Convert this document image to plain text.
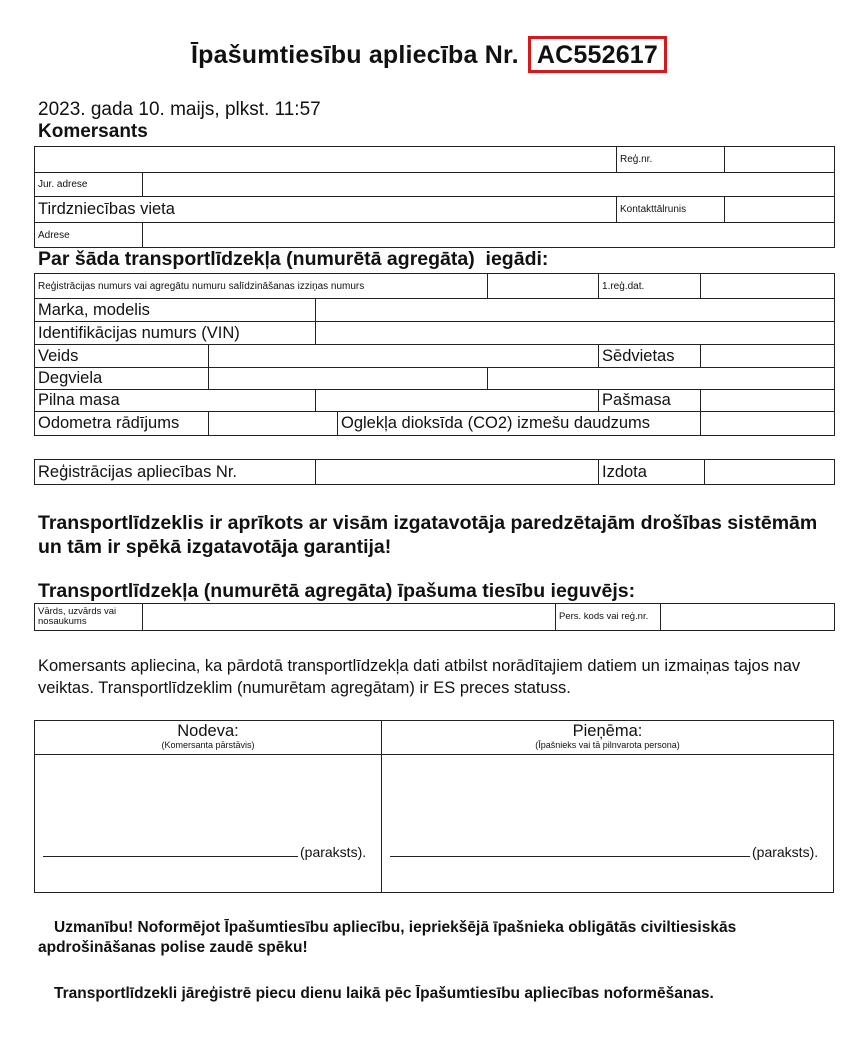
Īpašumtiesību apliecība Nr. AC552617
2023. gada 10. maijs, plkst. 11:57
Komersants
		Reģ.nr.	
Jur. adrese			
Tirdzniecības vieta		Kontakttālrunis	
Adrese			
Par šāda transportlīdzekļa (numurētā agregāta)  iegādi:
Reģistrācijas numurs vai agregātu numuru salīdzināšanas izziņas numurs					1.reģ.dat.	
Marka, modelis						
Identifikācijas numurs (VIN)						
Veids					Sēdvietas	
Degviela						
Pilna masa					Pašmasa	
Odometra rādījums			Oglekļa dioksīda (CO2) izmešu daudzums			
Reģistrācijas apliecības Nr.		Izdota	
Transportlīdzeklis ir aprīkots ar visām izgatavotāja paredzētajām drošības sistēmām un tām ir spēkā izgatavotāja garantija!
Transportlīdzekļa (numurētā agregāta) īpašuma tiesību ieguvējs:
Vārds, uzvārds vai nosaukums		Pers. kods vai reģ.nr.	
Komersants apliecina, ka pārdotā transportlīdzekļa dati atbilst norādītajiem datiem un izmaiņas tajos nav veiktas. Transportlīdzeklim (numurētam agregātam) ir ES preces statuss.
Nodeva:
(Komersanta pārstāvis)
(paraksts).
Pieņēma:
(Īpašnieks vai tā pilnvarota persona)
(paraksts).
Uzmanību! Noformējot Īpašumtiesību apliecību, iepriekšējā īpašnieka obligātās civiltiesiskās apdrošināšanas polise zaudē spēku!
Transportlīdzekli jāreģistrē piecu dienu laikā pēc Īpašumtiesību apliecības noformēšanas.
